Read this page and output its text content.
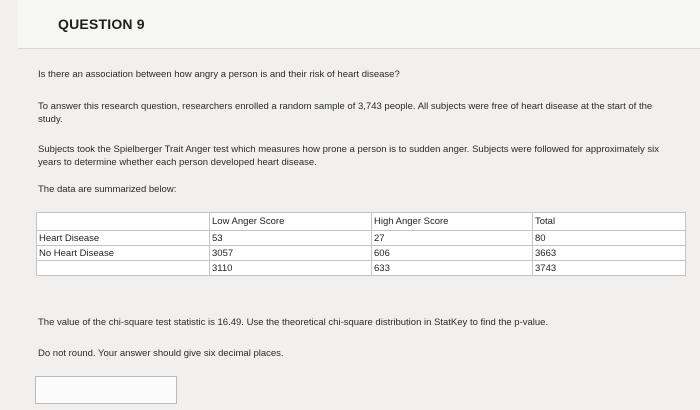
QUESTION 9

Is there an association between how angry a person is and their risk of heart disease?

To answer this research question, researchers enrolled a random sample of 3,743 people. All subjects were free of heart disease at the start of the study.

Subjects took the Spielberger Trait Anger test which measures how prone a person is to sudden anger. Subjects were followed for approximately six years to determine whether each person developed heart disease.

The data are summarized below:

	Low Anger Score	High Anger Score	Total
Heart Disease	53	27	80
No Heart Disease	3057	606	3663
	3110	633	3743

The value of the chi-square test statistic is 16.49. Use the theoretical chi-square distribution in StatKey to find the p-value.

Do not round. Your answer should give six decimal places.
